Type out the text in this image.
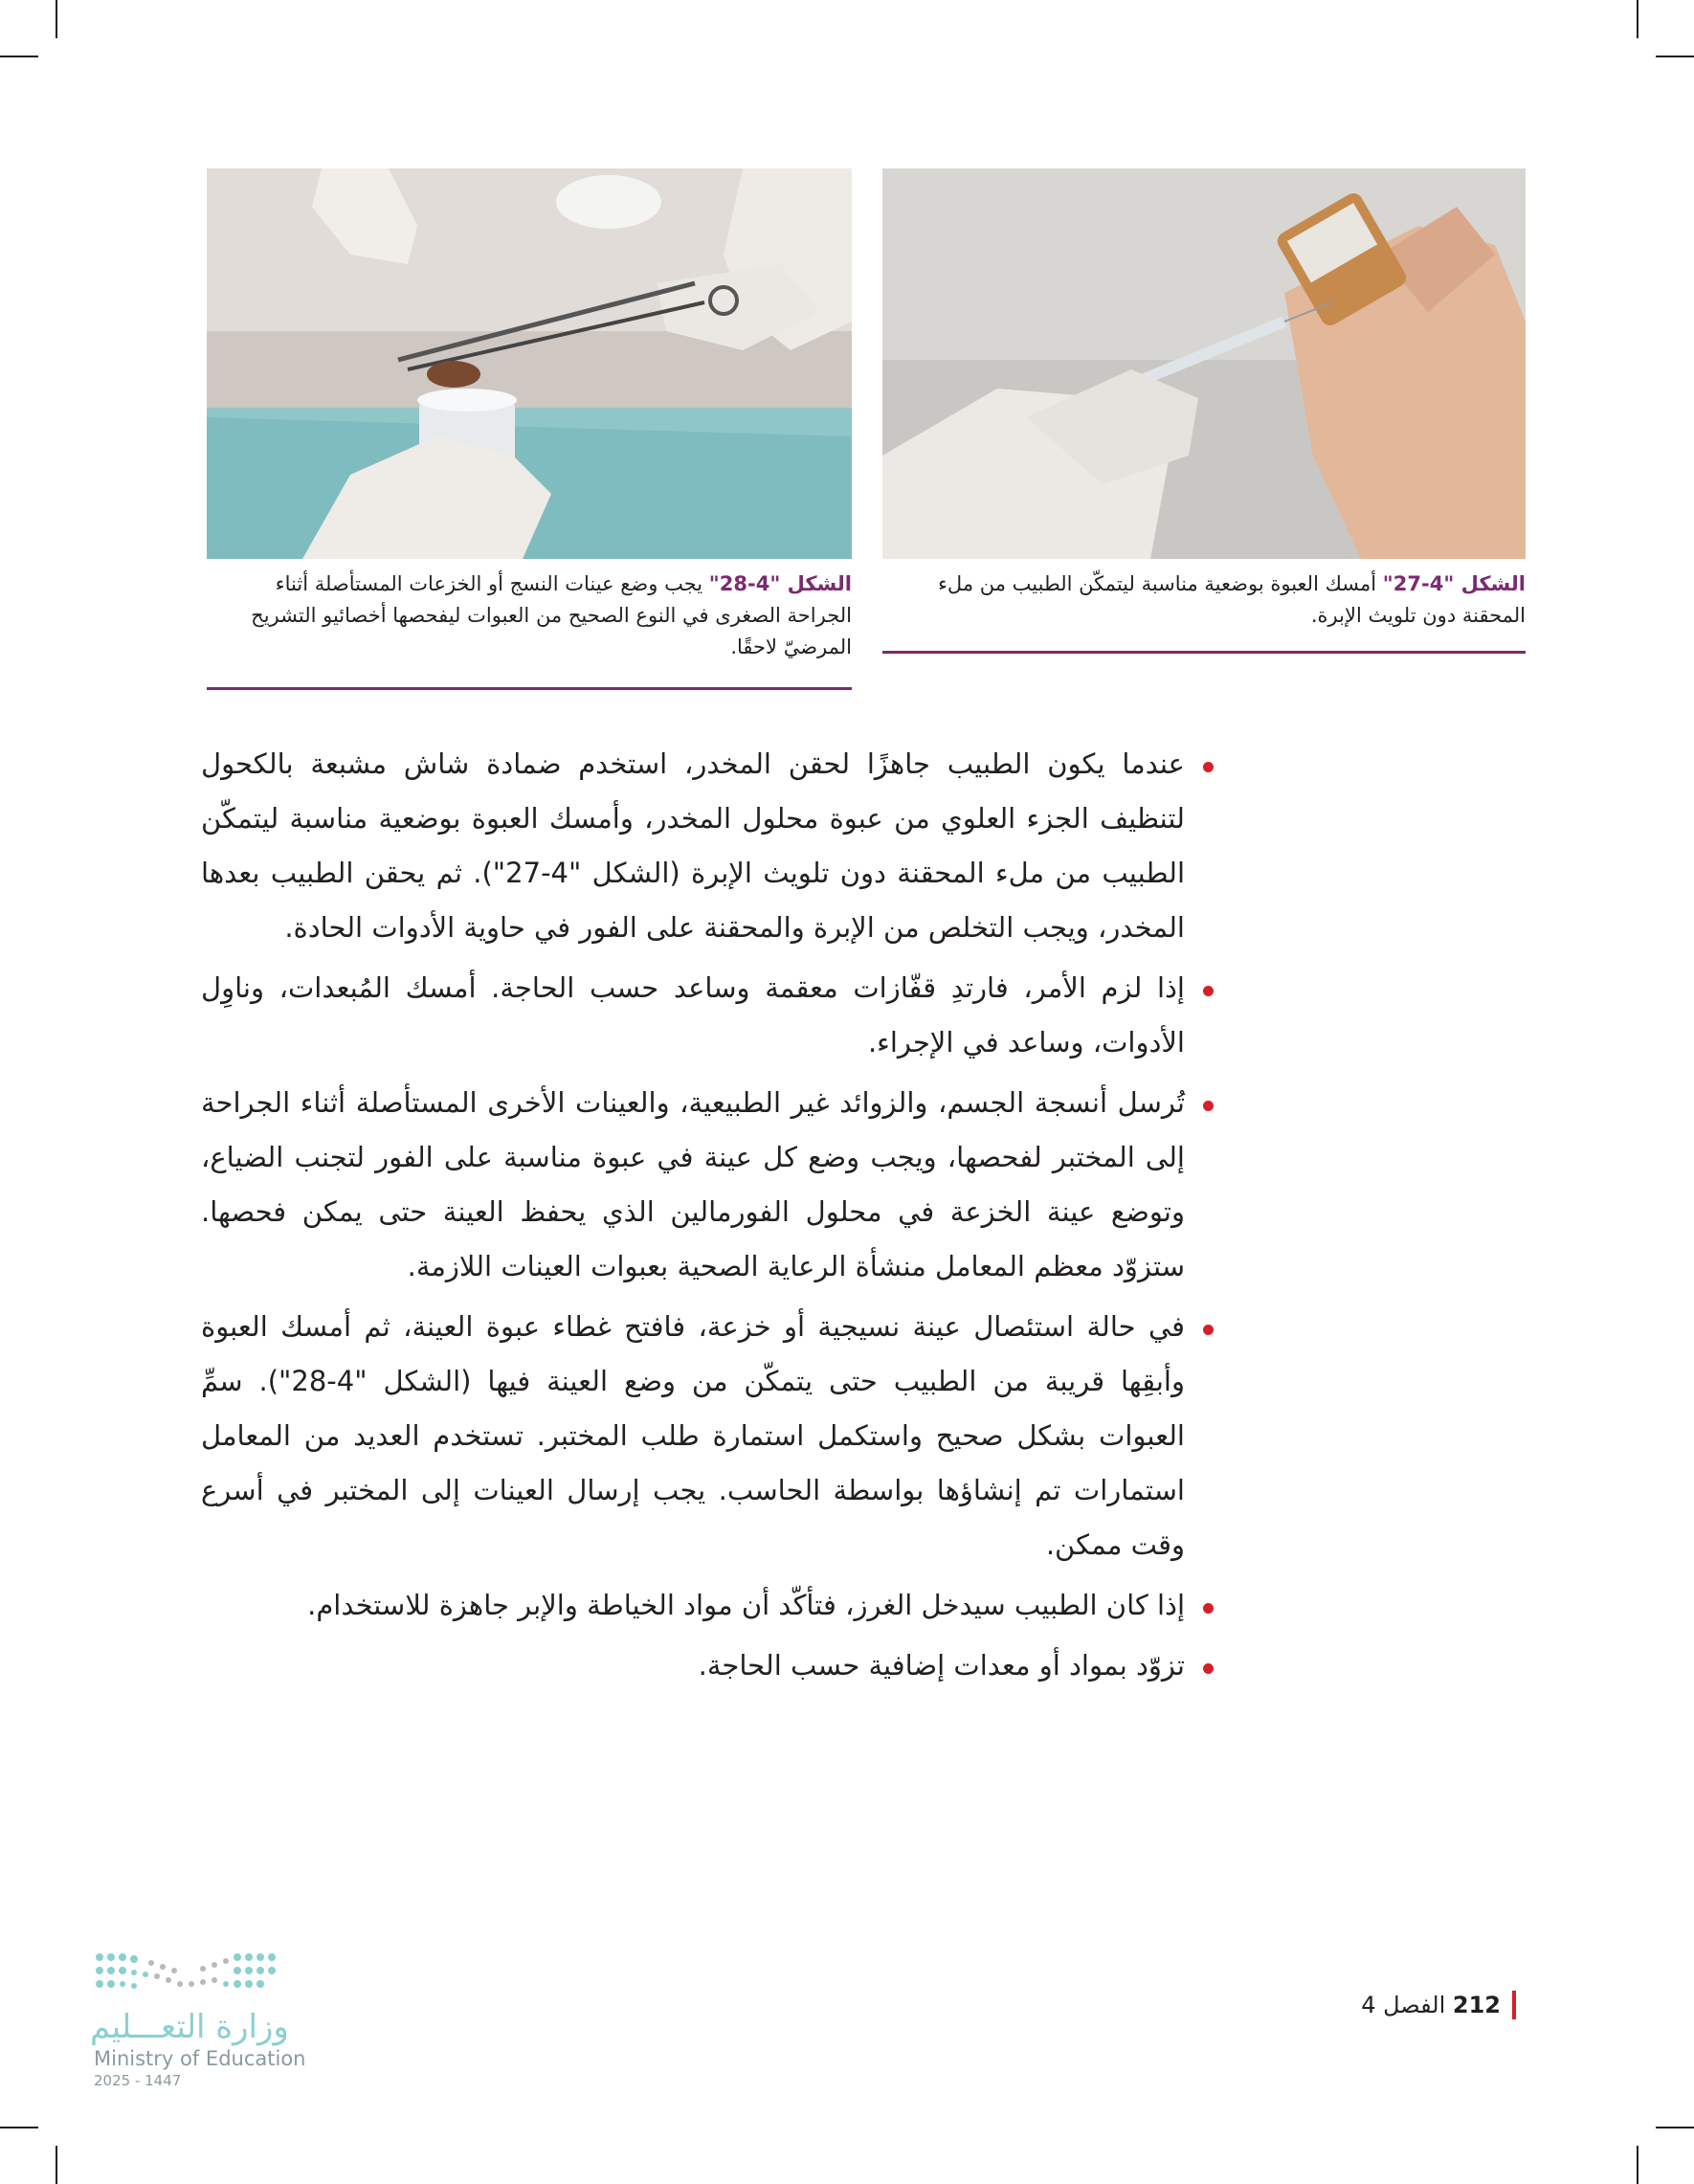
الشكل "4-28" يجب وضع عينات النسج أو الخزعات المستأصلة أثناء الجراحة الصغرى في النوع الصحيح من العبوات ليفحصها أخصائيو التشريح المرضيّ لاحقًا.
الشكل "4-27" أمسك العبوة بوضعية مناسبة ليتمكّن الطبيب من ملء المحقنة دون تلويث الإبرة.
عندما يكون الطبيب جاهزًا لحقن المخدر، استخدم ضمادة شاش مشبعة بالكحول لتنظيف الجزء العلوي من عبوة محلول المخدر، وأمسك العبوة بوضعية مناسبة ليتمكّن الطبيب من ملء المحقنة دون تلويث الإبرة (الشكل "4-27"). ثم يحقن الطبيب بعدها المخدر، ويجب التخلص من الإبرة والمحقنة على الفور في حاوية الأدوات الحادة.
إذا لزم الأمر، فارتدِ قفّازات معقمة وساعد حسب الحاجة. أمسك المُبعدات، وناوِل الأدوات، وساعد في الإجراء.
تُرسل أنسجة الجسم، والزوائد غير الطبيعية، والعينات الأخرى المستأصلة أثناء الجراحة إلى المختبر لفحصها، ويجب وضع كل عينة في عبوة مناسبة على الفور لتجنب الضياع، وتوضع عينة الخزعة في محلول الفورمالين الذي يحفظ العينة حتى يمكن فحصها. ستزوّد معظم المعامل منشأة الرعاية الصحية بعبوات العينات اللازمة.
في حالة استئصال عينة نسيجية أو خزعة، فافتح غطاء عبوة العينة، ثم أمسك العبوة وأبقِها قريبة من الطبيب حتى يتمكّن من وضع العينة فيها (الشكل "4-28"). سمِّ العبوات بشكل صحيح واستكمل استمارة طلب المختبر. تستخدم العديد من المعامل استمارات تم إنشاؤها بواسطة الحاسب. يجب إرسال العينات إلى المختبر في أسرع وقت ممكن.
إذا كان الطبيب سيدخل الغرز، فتأكّد أن مواد الخياطة والإبر جاهزة للاستخدام.
تزوّد بمواد أو معدات إضافية حسب الحاجة.
212 الفصل 4
وزارة التعـــليم
Ministry of Education
2025 - 1447
